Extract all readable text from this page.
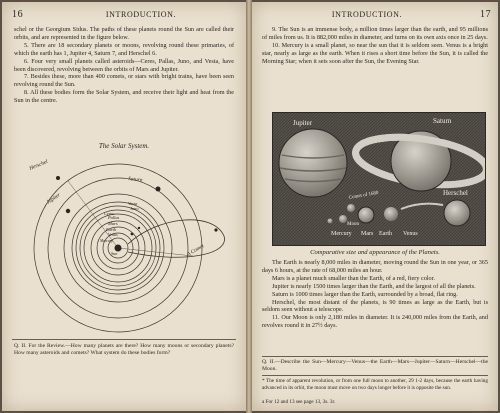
16	INTRODUCTION.

schel or the Georgium Sidus. The paths of these planets round the Sun are called their orbits, and are represented in the figure below.

5. There are 18 secondary planets or moons, revolving round these primaries, of which the earth has 1, Jupiter 4, Saturn 7, and Herschel 6.

6. Four very small planets called asteroids—Ceres, Pallas, Juno, and Vesta, have been discovered, revolving between the orbits of Mars and Jupiter.

7. Besides these, more than 400 comets, or stars with bright trains, have been seen revolving round the Sun.

8. All these bodies form the Solar System, and receive their light and heat from the Sun in the centre.

The Solar System.
Herschel
Saturn
Jupiter	Vesta
Juno
Ceres
Pallas
Mars
Earth
Venus
Mercury
Sun	A Comet
Q. II. For the Review.—How many planets are there? How many moons or secondary planets? How many asteroids and comets? What system do these bodies form?
INTRODUCTION.	17

9. The Sun is an immense body, a million times larger than the earth, and 95 millions of miles from us. It is 882,000 miles in diameter, and turns on its own axis once in 25 days.

10. Mercury is a small planet, so near the sun that it is seldom seen. Venus is a bright star, nearly as large as the earth. When it rises a short time before the Sun, it is called the Morning Star; when it sets soon after the Sun, the Evening Star.

Jupiter	Saturn
Herschel
Mercury Mars Earth Venus
Comet of 1680
Moon
Comparative size and appearance of the Planets.

The Earth is nearly 8,000 miles in diameter, moving round the Sun in one year, or 365 days 6 hours, at the rate of 68,000 miles an hour.

Mars is a planet much smaller than the Earth, of a red, fiery color.

Jupiter is nearly 1500 times larger than the Earth, and the largest of all the planets.

Saturn is 1000 times larger than the Earth, surrounded by a broad, flat ring.

Herschel, the most distant of the planets, is 90 times as large as the Earth, but is seldom seen without a telescope.

11. Our Moon is only 2,180 miles in diameter. It is 240,000 miles from the Earth, and revolves round it in 27½ days.

Q. II.—Describe the Sun—Mercury—Venus—the Earth—Mars—Jupiter—Saturn—Herschel—the Moon.
* The time of apparent revolution, or from one full moon to another, 29 1-2 days, because the earth having advanced in its orbit, the moon must move on two days longer before it is opposite the sun.
a For 12 and 13 see page 13, 3s. 3r.
